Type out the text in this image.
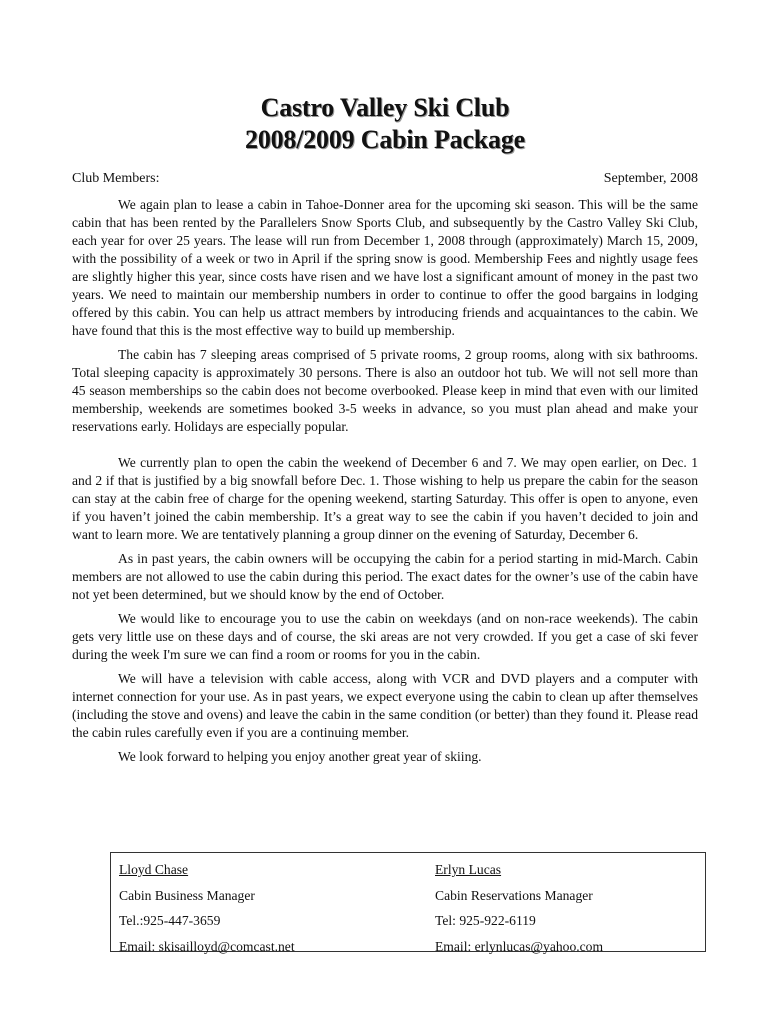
Castro Valley Ski Club
2008/2009 Cabin Package
Club Members:	September, 2008

We again plan to lease a cabin in Tahoe-Donner area for the upcoming ski season. This will be the same cabin that has been rented by the Parallelers Snow Sports Club, and subsequently by the Castro Valley Ski Club, each year for over 25 years. The lease will run from December 1, 2008 through (approximately) March 15, 2009, with the possibility of a week or two in April if the spring snow is good. Membership Fees and nightly usage fees are slightly higher this year, since costs have risen and we have lost a significant amount of money in the past two years. We need to maintain our membership numbers in order to continue to offer the good bargains in lodging offered by this cabin. You can help us attract members by introducing friends and acquaintances to the cabin. We have found that this is the most effective way to build up membership.

The cabin has 7 sleeping areas comprised of 5 private rooms, 2 group rooms, along with six bathrooms. Total sleeping capacity is approximately 30 persons. There is also an outdoor hot tub. We will not sell more than 45 season memberships so the cabin does not become overbooked. Please keep in mind that even with our limited membership, weekends are sometimes booked 3-5 weeks in advance, so you must plan ahead and make your reservations early. Holidays are especially popular.

We currently plan to open the cabin the weekend of December 6 and 7. We may open earlier, on Dec. 1 and 2 if that is justified by a big snowfall before Dec. 1. Those wishing to help us prepare the cabin for the season can stay at the cabin free of charge for the opening weekend, starting Saturday. This offer is open to anyone, even if you haven’t joined the cabin membership. It’s a great way to see the cabin if you haven’t decided to join and want to learn more. We are tentatively planning a group dinner on the evening of Saturday, December 6.

As in past years, the cabin owners will be occupying the cabin for a period starting in mid-March. Cabin members are not allowed to use the cabin during this period. The exact dates for the owner’s use of the cabin have not yet been determined, but we should know by the end of October.

We would like to encourage you to use the cabin on weekdays (and on non-race weekends). The cabin gets very little use on these days and of course, the ski areas are not very crowded. If you get a case of ski fever during the week I'm sure we can find a room or rooms for you in the cabin.

We will have a television with cable access, along with VCR and DVD players and a computer with internet connection for your use. As in past years, we expect everyone using the cabin to clean up after themselves (including the stove and ovens) and leave the cabin in the same condition (or better) than they found it. Please read the cabin rules carefully even if you are a continuing member.

We look forward to helping you enjoy another great year of skiing.

Lloyd Chase
Cabin Business Manager
Tel.:925-447-3659
Email: skisailloyd@comcast.net
Erlyn Lucas
Cabin Reservations Manager
Tel: 925-922-6119
Email: erlynlucas@yahoo.com
